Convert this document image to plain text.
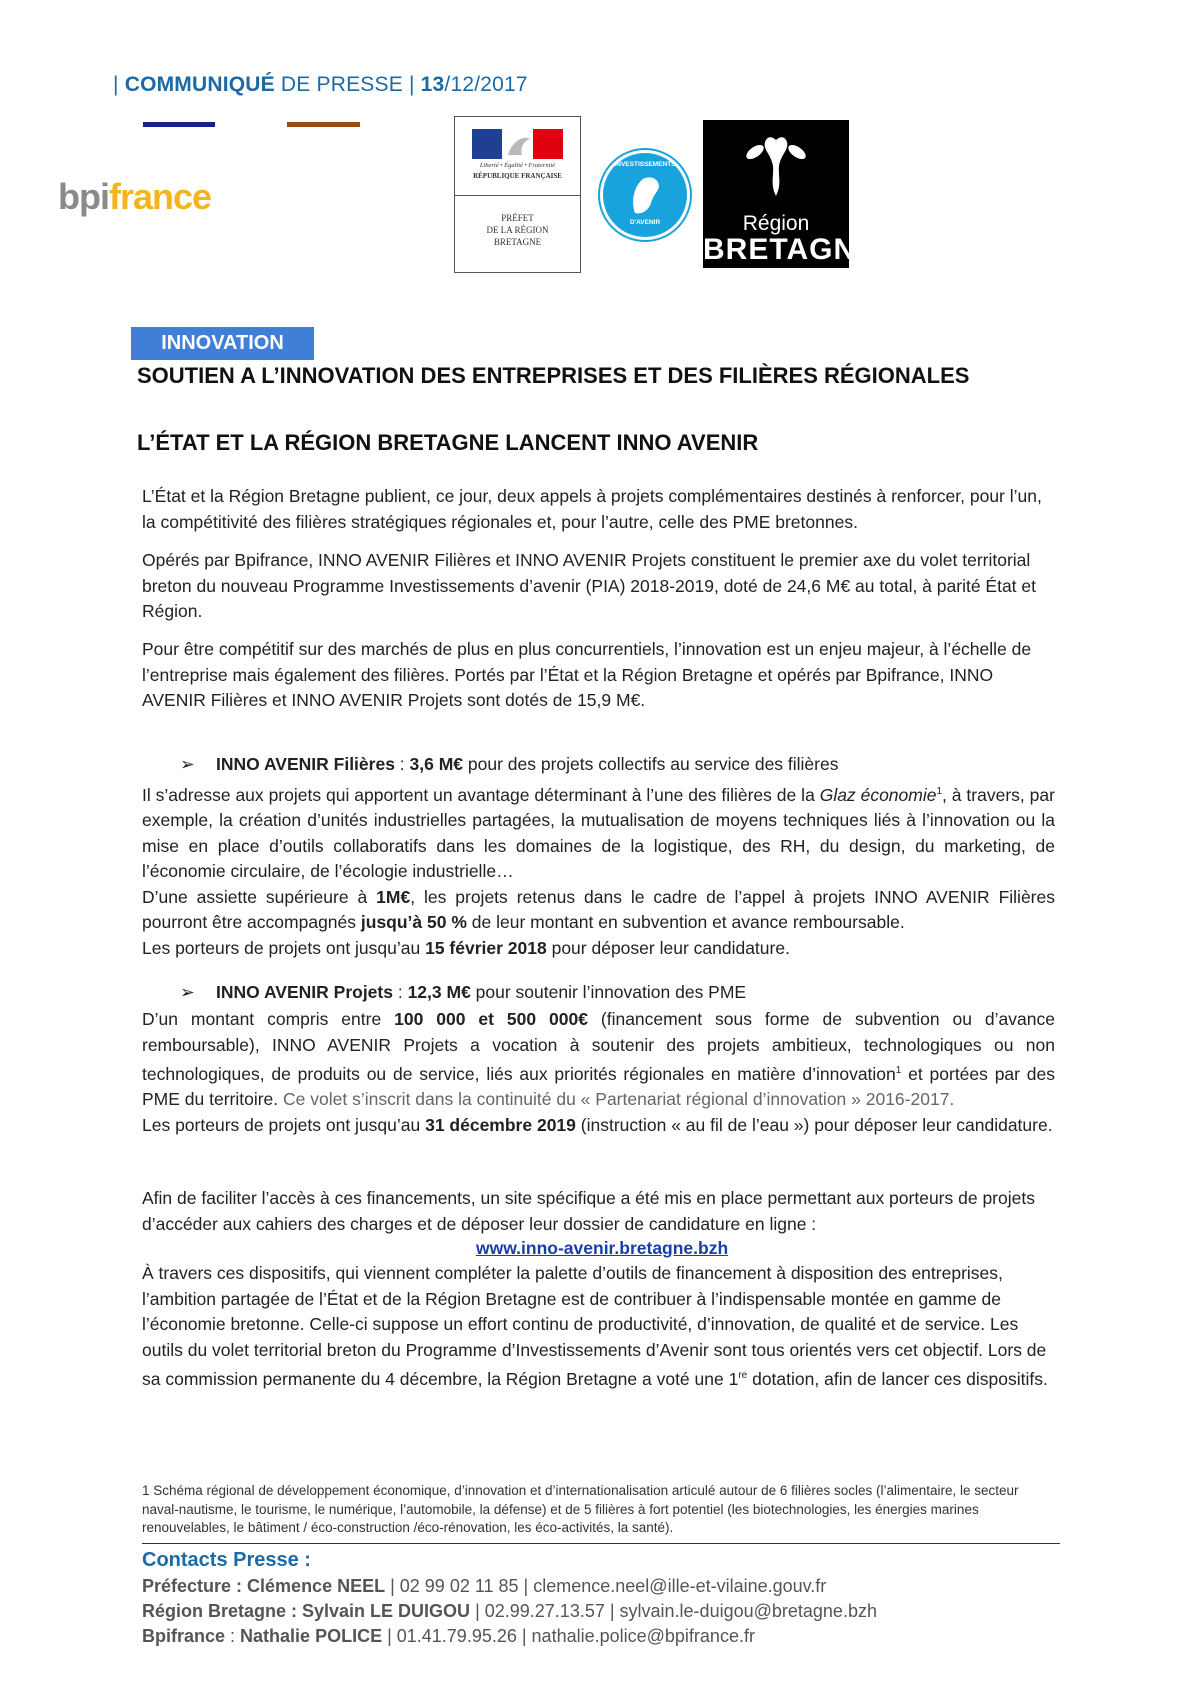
| COMMUNIQUÉ DE PRESSE | 13/12/2017
bpifrance
Liberté • Égalité • Fraternité
RÉPUBLIQUE FRANÇAISE
PRÉFET
DE LA RÉGION
BRETAGNE
INVESTISSEMENTS
D'AVENIR	Région
BRETAGNE
INNOVATION
SOUTIEN A L’INNOVATION DES ENTREPRISES ET DES FILIÈRES RÉGIONALES
L’ÉTAT ET LA RÉGION BRETAGNE LANCENT INNO AVENIR
L’État et la Région Bretagne publient, ce jour, deux appels à projets complémentaires destinés à renforcer, pour l’un, la compétitivité des filières stratégiques régionales et, pour l’autre, celle des PME bretonnes.
Opérés par Bpifrance, INNO AVENIR Filières et INNO AVENIR Projets constituent le premier axe du volet territorial breton du nouveau Programme Investissements d’avenir (PIA) 2018-2019, doté de 24,6 M€ au total, à parité État et Région.
Pour être compétitif sur des marchés de plus en plus concurrentiels, l’innovation est un enjeu majeur, à l’échelle de l’entreprise mais également des filières. Portés par l’État et la Région Bretagne et opérés par Bpifrance, INNO AVENIR Filières et INNO AVENIR Projets sont dotés de 15,9 M€.
➢ INNO AVENIR Filières : 3,6 M€ pour des projets collectifs au service des filières
Il s’adresse aux projets qui apportent un avantage déterminant à l’une des filières de la Glaz économie$^1$, à travers, par exemple, la création d’unités industrielles partagées, la mutualisation de moyens techniques liés à l’innovation ou la mise en place d’outils collaboratifs dans les domaines de la logistique, des RH, du design, du marketing, de l’économie circulaire, de l’écologie industrielle…
D’une assiette supérieure à 1M€, les projets retenus dans le cadre de l’appel à projets INNO AVENIR Filières pourront être accompagnés jusqu’à 50 % de leur montant en subvention et avance remboursable.
Les porteurs de projets ont jusqu’au 15 février 2018 pour déposer leur candidature.
➢ INNO AVENIR Projets : 12,3 M€ pour soutenir l’innovation des PME
D’un montant compris entre 100 000 et 500 000€ (financement sous forme de subvention ou d’avance remboursable), INNO AVENIR Projets a vocation à soutenir des projets ambitieux, technologiques ou non technologiques, de produits ou de service, liés aux priorités régionales en matière d’innovation$^1$ et portées par des PME du territoire. Ce volet s’inscrit dans la continuité du « Partenariat régional d’innovation » 2016-2017.
Les porteurs de projets ont jusqu’au 31 décembre 2019 (instruction « au fil de l’eau ») pour déposer leur candidature.
Afin de faciliter l’accès à ces financements, un site spécifique a été mis en place permettant aux porteurs de projets d’accéder aux cahiers des charges et de déposer leur dossier de candidature en ligne :
www.inno-avenir.bretagne.bzh
À travers ces dispositifs, qui viennent compléter la palette d’outils de financement à disposition des entreprises, l’ambition partagée de l’État et de la Région Bretagne est de contribuer à l’indispensable montée en gamme de l’économie bretonne. Celle-ci suppose un effort continu de productivité, d’innovation, de qualité et de service. Les outils du volet territorial breton du Programme d’Investissements d’Avenir sont tous orientés vers cet objectif. Lors de sa commission permanente du 4 décembre, la Région Bretagne a voté une 1re dotation, afin de lancer ces dispositifs.
1 Schéma régional de développement économique, d’innovation et d’internationalisation articulé autour de 6 filières socles (l’alimentaire, le secteur naval-nautisme, le tourisme, le numérique, l’automobile, la défense) et de 5 filières à fort potentiel (les biotechnologies, les énergies marines renouvelables, le bâtiment / éco-construction /éco-rénovation, les éco-activités, la santé).
Contacts Presse :
Préfecture : Clémence NEEL | 02 99 02 11 85 | clemence.neel@ille-et-vilaine.gouv.fr
Région Bretagne : Sylvain LE DUIGOU | 02.99.27.13.57 | sylvain.le-duigou@bretagne.bzh
Bpifrance : Nathalie POLICE | 01.41.79.95.26 | nathalie.police@bpifrance.fr
